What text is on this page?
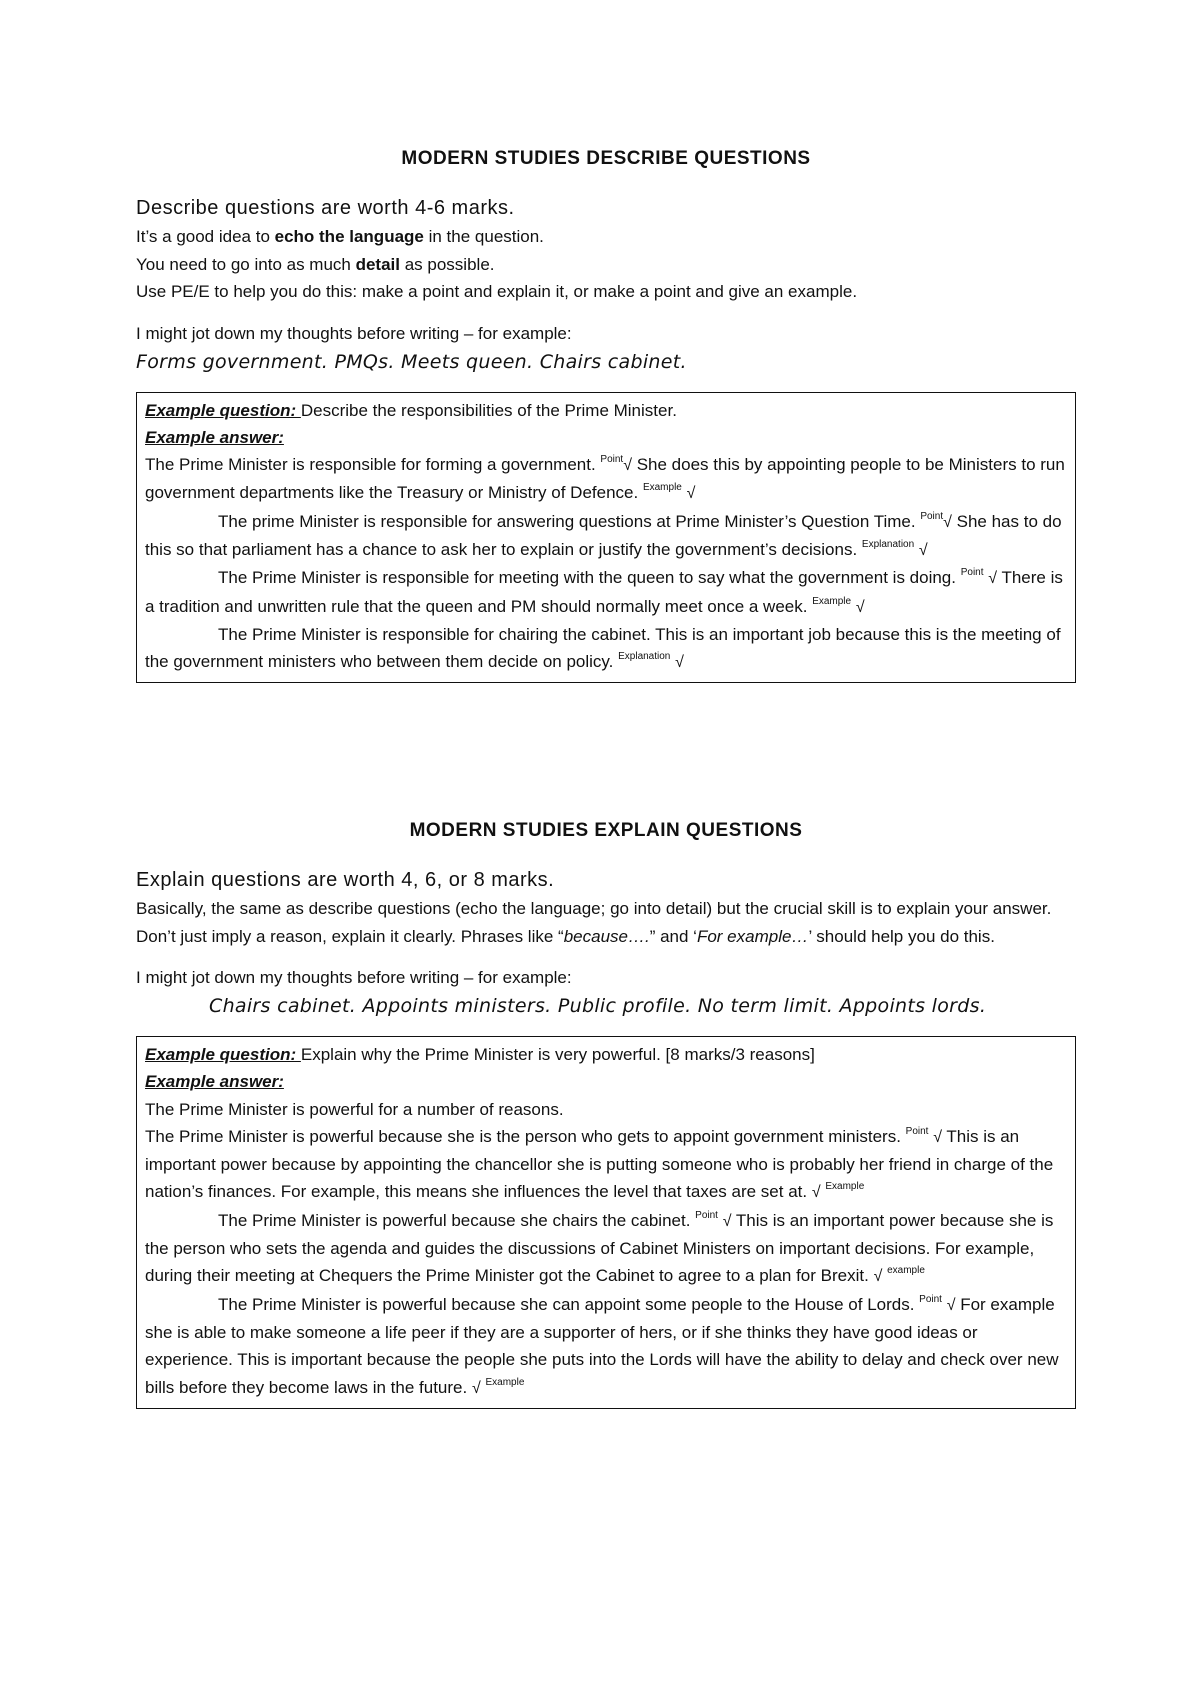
MODERN STUDIES DESCRIBE QUESTIONS

Describe questions are worth 4-6 marks.

It’s a good idea to echo the language in the question.

You need to go into as much detail as possible.

Use PE/E to help you do this: make a point and explain it, or make a point and give an example.

I might jot down my thoughts before writing – for example:

Forms government. PMQs. Meets queen. Chairs cabinet.

Example question: Describe the responsibilities of the Prime Minister.

Example answer:

The Prime Minister is responsible for forming a government. $^{Point}$√ She does this by appointing people to be Ministers to run government departments like the Treasury or Ministry of Defence. $^{Example}$ √

The prime Minister is responsible for answering questions at Prime Minister’s Question Time. $^{Point}$√ She has to do this so that parliament has a chance to ask her to explain or justify the government’s decisions. $^{Explanation}$ √

The Prime Minister is responsible for meeting with the queen to say what the government is doing. $^{Point}$ √ There is a tradition and unwritten rule that the queen and PM should normally meet once a week. $^{Example}$ √

The Prime Minister is responsible for chairing the cabinet. This is an important job because this is the meeting of the government ministers who between them decide on policy. $^{Explanation}$ √

MODERN STUDIES EXPLAIN QUESTIONS

Explain questions are worth 4, 6, or 8 marks.

Basically, the same as describe questions (echo the language; go into detail) but the crucial skill is to explain your answer. Don’t just imply a reason, explain it clearly. Phrases like “because….” and ‘For example…’ should help you do this.

I might jot down my thoughts before writing – for example:

Chairs cabinet. Appoints ministers. Public profile. No term limit. Appoints lords.

Example question: Explain why the Prime Minister is very powerful. [8 marks/3 reasons]

Example answer:

The Prime Minister is powerful for a number of reasons.

The Prime Minister is powerful because she is the person who gets to appoint government ministers. $^{Point}$ √ This is an important power because by appointing the chancellor she is putting someone who is probably her friend in charge of the nation’s finances. For example, this means she influences the level that taxes are set at. √ $^{Example}$

The Prime Minister is powerful because she chairs the cabinet. $^{Point}$ √ This is an important power because she is the person who sets the agenda and guides the discussions of Cabinet Ministers on important decisions. For example, during their meeting at Chequers the Prime Minister got the Cabinet to agree to a plan for Brexit. √ $^{example}$

The Prime Minister is powerful because she can appoint some people to the House of Lords. $^{Point}$ √ For example she is able to make someone a life peer if they are a supporter of hers, or if she thinks they have good ideas or experience. This is important because the people she puts into the Lords will have the ability to delay and check over new bills before they become laws in the future. √ $^{Example}$
